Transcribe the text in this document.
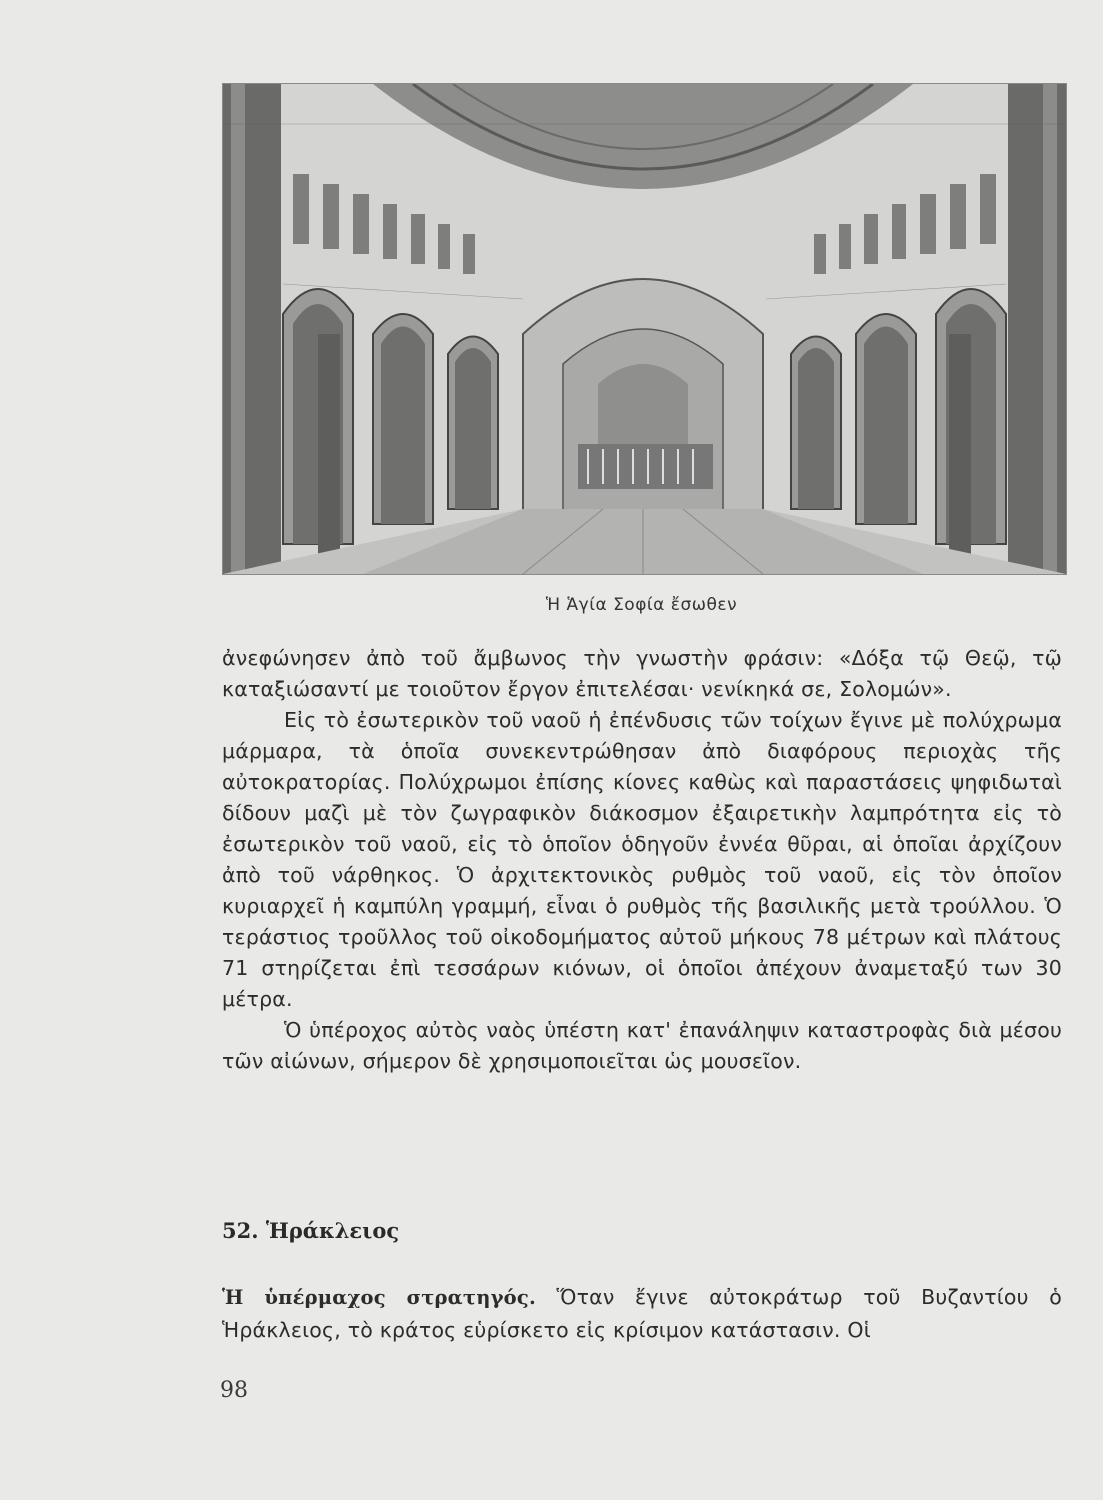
Ἡ Ἁγία Σοφία ἔσωθεν

ἀνεφώνησεν ἀπὸ τοῦ ἄμβωνος τὴν γνωστὴν φράσιν: «Δόξα τῷ Θεῷ, τῷ καταξιώσαντί με τοιοῦτον ἔργον ἐπιτελέσαι· νενίκηκά σε, Σολομών».

Εἰς τὸ ἐσωτερικὸν τοῦ ναοῦ ἡ ἐπένδυσις τῶν τοίχων ἔγινε μὲ πολύχρωμα μάρμαρα, τὰ ὁποῖα συνεκεντρώθησαν ἀπὸ διαφόρους περιοχὰς τῆς αὐτοκρατορίας. Πολύχρωμοι ἐπίσης κίονες καθὼς καὶ παραστάσεις ψηφιδωταὶ δίδουν μαζὶ μὲ τὸν ζωγραφικὸν διάκοσμον ἐξαιρετικὴν λαμπρότητα εἰς τὸ ἐσωτερικὸν τοῦ ναοῦ, εἰς τὸ ὁποῖον ὁδηγοῦν ἐννέα θῦραι, αἱ ὁποῖαι ἀρχίζουν ἀπὸ τοῦ νάρθηκος. Ὁ ἀρχιτεκτονικὸς ρυθμὸς τοῦ ναοῦ, εἰς τὸν ὁποῖον κυριαρχεῖ ἡ καμπύλη γραμμή, εἶναι ὁ ρυθμὸς τῆς βασιλικῆς μετὰ τρούλλου. Ὁ τεράστιος τροῦλλος τοῦ οἰκοδομήματος αὐτοῦ μήκους 78 μέτρων καὶ πλάτους 71 στηρίζεται ἐπὶ τεσσάρων κιόνων, οἱ ὁποῖοι ἀπέχουν ἀναμεταξύ των 30 μέτρα.

Ὁ ὑπέροχος αὐτὸς ναὸς ὑπέστη κατ' ἐπανάληψιν καταστροφὰς διὰ μέσου τῶν αἰώνων, σήμερον δὲ χρησιμοποιεῖται ὡς μουσεῖον.

52. Ἡράκλειος

Ἡ ὑπέρμαχος στρατηγός. Ὅταν ἔγινε αὐτοκράτωρ τοῦ Βυζαντίου ὁ Ἡράκλειος, τὸ κράτος εὑρίσκετο εἰς κρίσιμον κατάστασιν. Οἱ

98
